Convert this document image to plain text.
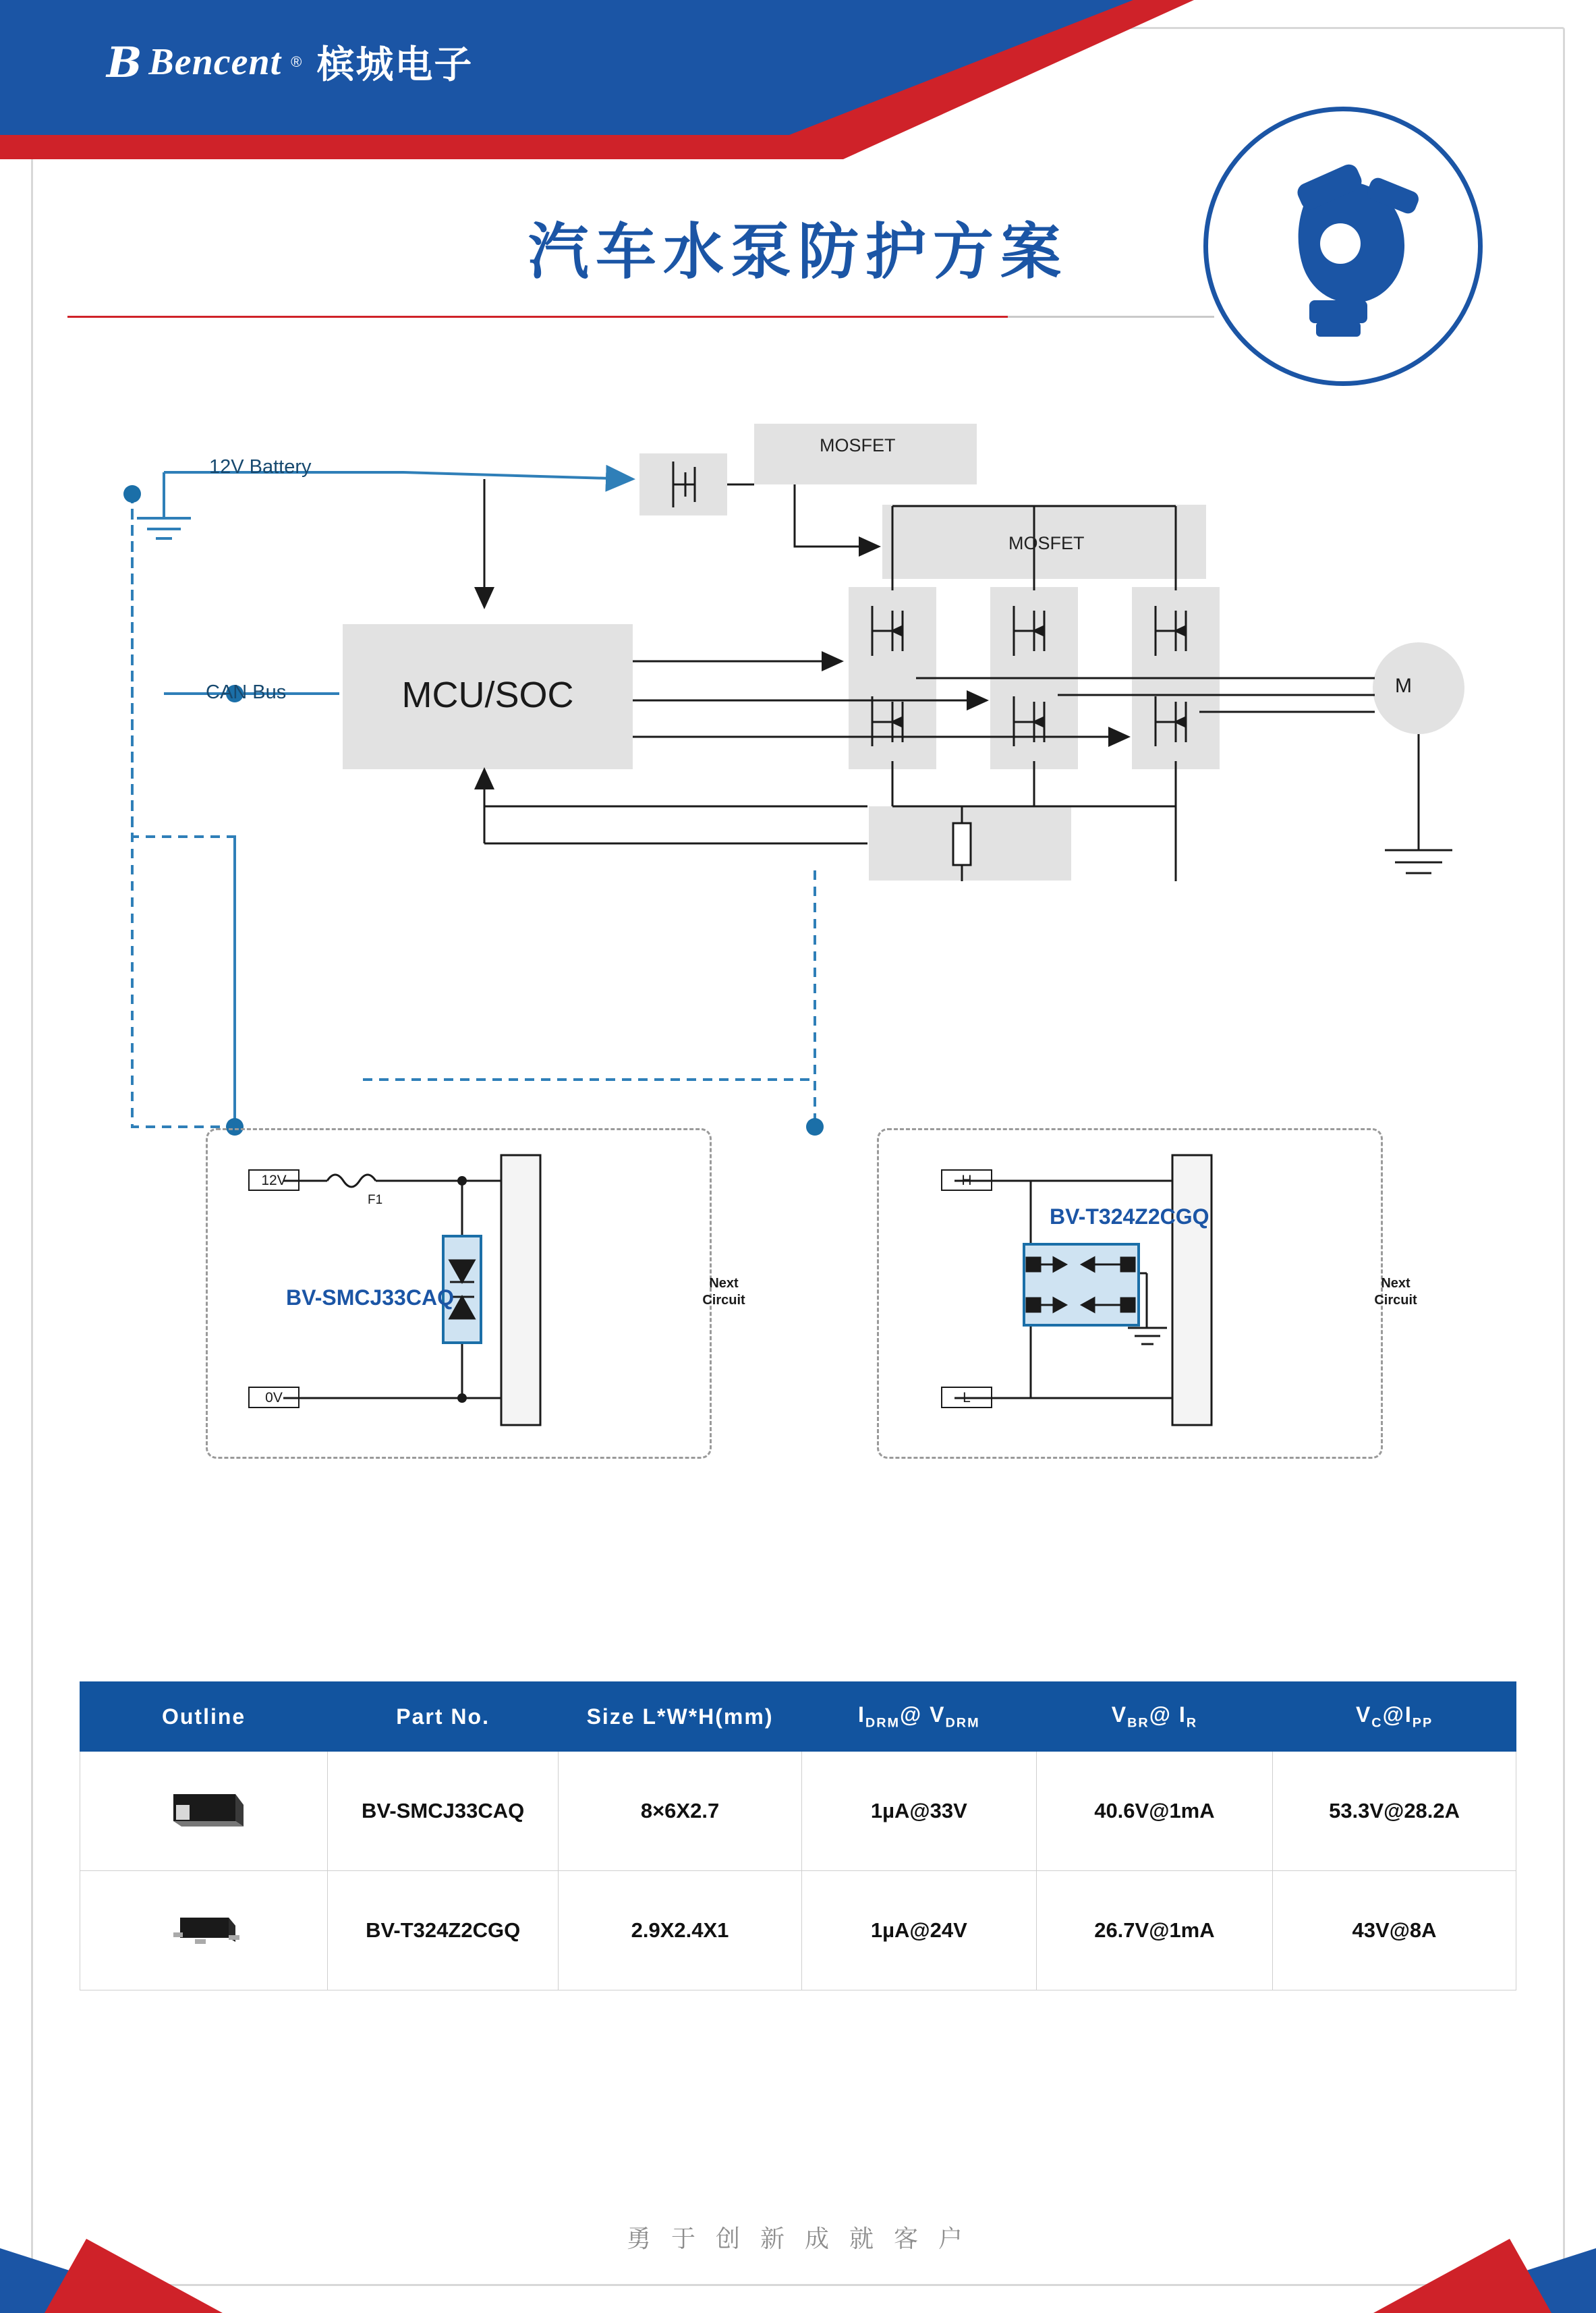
B Bencent ® 槟城电子
汽车水泵防护方案
12V Battery
CAN Bus	MCU/SOC
MOSFET
MOSFET
M
12V
0V
F1
BV-SMCJ33CAQ
Next
Circuit
H
L
BV-T324Z2CGQ
Next
Circuit
Outline	Part No.	Size L*W*H(mm)	$I_{DRM}@$ $V_{DRM}$	$V_{BR}@$ $I_R$	$V_C@I_{PP}$
	BV-SMCJ33CAQ	8×6X2.7	1µA@33V	40.6V@1mA	53.3V@28.2A
	BV-T324Z2CGQ	2.9X2.4X1	1µA@24V	26.7V@1mA	43V@8A
勇 于 创 新 成 就 客 户
